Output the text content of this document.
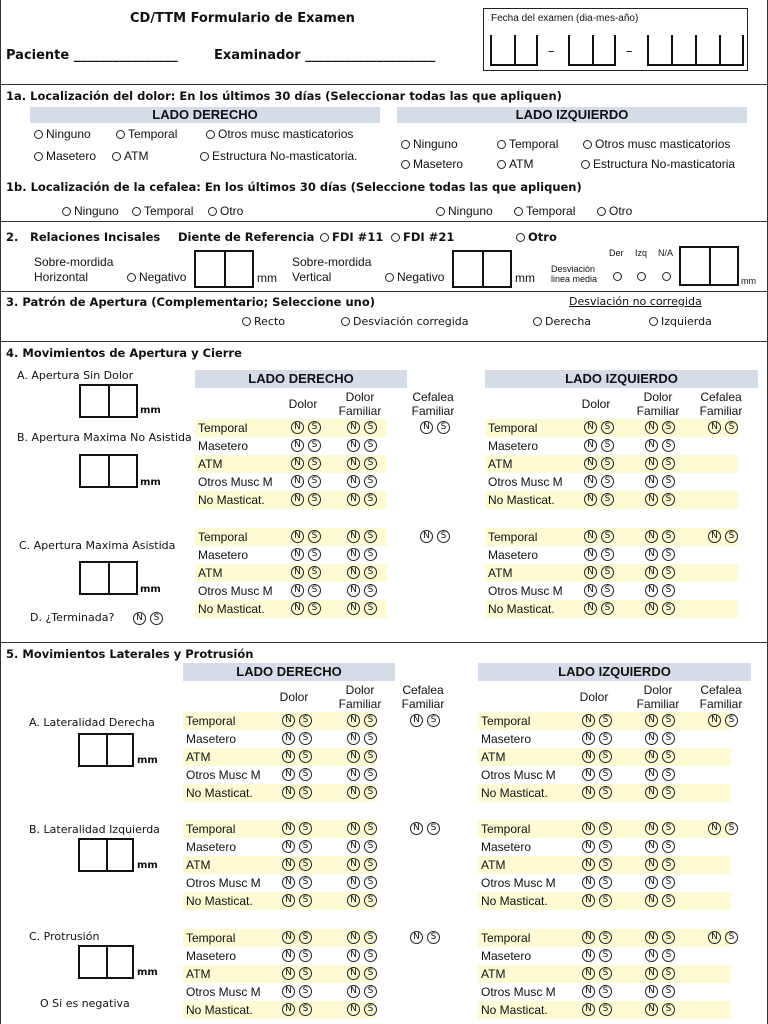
CD/TTM Formulario de Examen
Paciente ________________	Examinador ____________________
Fecha del examen (dia-mes-año)
–	–
1a. Localización del dolor: En los últimos 30 días (Seleccionar todas las que apliquen)
LADO DERECHO	LADO IZQUIERDO
Ninguno	Temporal	Otros musc masticatorios
Masetero	ATM	Estructura No-masticatoria.
Ninguno	Temporal	Otros musc masticatorios
Masetero	ATM	Estructura No-masticatoria
1b. Localización de la cefalea: En los últimos 30 días (Seleccione todas las que apliquen)
Ninguno	Temporal	Otro	Ninguno	Temporal	Otro
2. Relaciones Incisales Diente de Referencia	FDI #11	FDI #21	Otro
Sobre-mordida
Horizontal	Negativo	mm
Sobre-mordida
Vertical	Negativo	mm
Desviación
linea media
Der Izq N/A
mm
3. Patrón de Apertura (Complementario; Seleccione uno)	Desviación no corregida
Recto	Desviación corregida	Derecha	Izquierda
4. Movimientos de Apertura y Cierre
A. Apertura Sin Dolor
mm
B. Apertura Maxima No Asistida
mm
C. Apertura Maxima Asistida
mm
D. ¿Terminada?	N S
LADO DERECHO
Dolor	Dolor
Familiar
Cefalea
Familiar
Temporal	N S	N S	N S
Masetero	N S	N S
ATM	N S	N S
Otros Musc M	N S	N S
No Masticat.	N S	N S
Temporal	N S	N S	N S
Masetero	N S	N S
ATM	N S	N S
Otros Musc M	N S	N S
No Masticat.	N S	N S
LADO IZQUIERDO
Dolor	Dolor
Familiar
Cefalea
Familiar
Temporal	N S	N S	N S
Masetero	N S	N S
ATM	N S	N S
Otros Musc M	N S	N S
No Masticat.	N S	N S
Temporal	N S	N S	N S
Masetero	N S	N S
ATM	N S	N S
Otros Musc M	N S	N S
No Masticat.	N S	N S
5. Movimientos Laterales y Protrusión
A. Lateralidad Derecha
mm
B. Lateralidad Izquierda
mm
C. Protrusión
mm
O Si es negativa
LADO DERECHO
Dolor	Dolor
Familiar
Cefalea
Familiar
Temporal	N S	N S	N S
Masetero	N S	N S
ATM	N S	N S
Otros Musc M	N S	N S
No Masticat.	N S	N S
Temporal	N S	N S	N S
Masetero	N S	N S
ATM	N S	N S
Otros Musc M	N S	N S
No Masticat.	N S	N S
Temporal	N S	N S	N S
Masetero	N S	N S
ATM	N S	N S
Otros Musc M	N S	N S
No Masticat.	N S	N S
LADO IZQUIERDO
Dolor	Dolor
Familiar
Cefalea
Familiar
Temporal	N S	N S	N S
Masetero	N S	N S
ATM	N S	N S
Otros Musc M	N S	N S
No Masticat.	N S	N S
Temporal	N S	N S	N S
Masetero	N S	N S
ATM	N S	N S
Otros Musc M	N S	N S
No Masticat.	N S	N S
Temporal	N S	N S	N S
Masetero	N S	N S
ATM	N S	N S
Otros Musc M	N S	N S
No Masticat.	N S	N S
